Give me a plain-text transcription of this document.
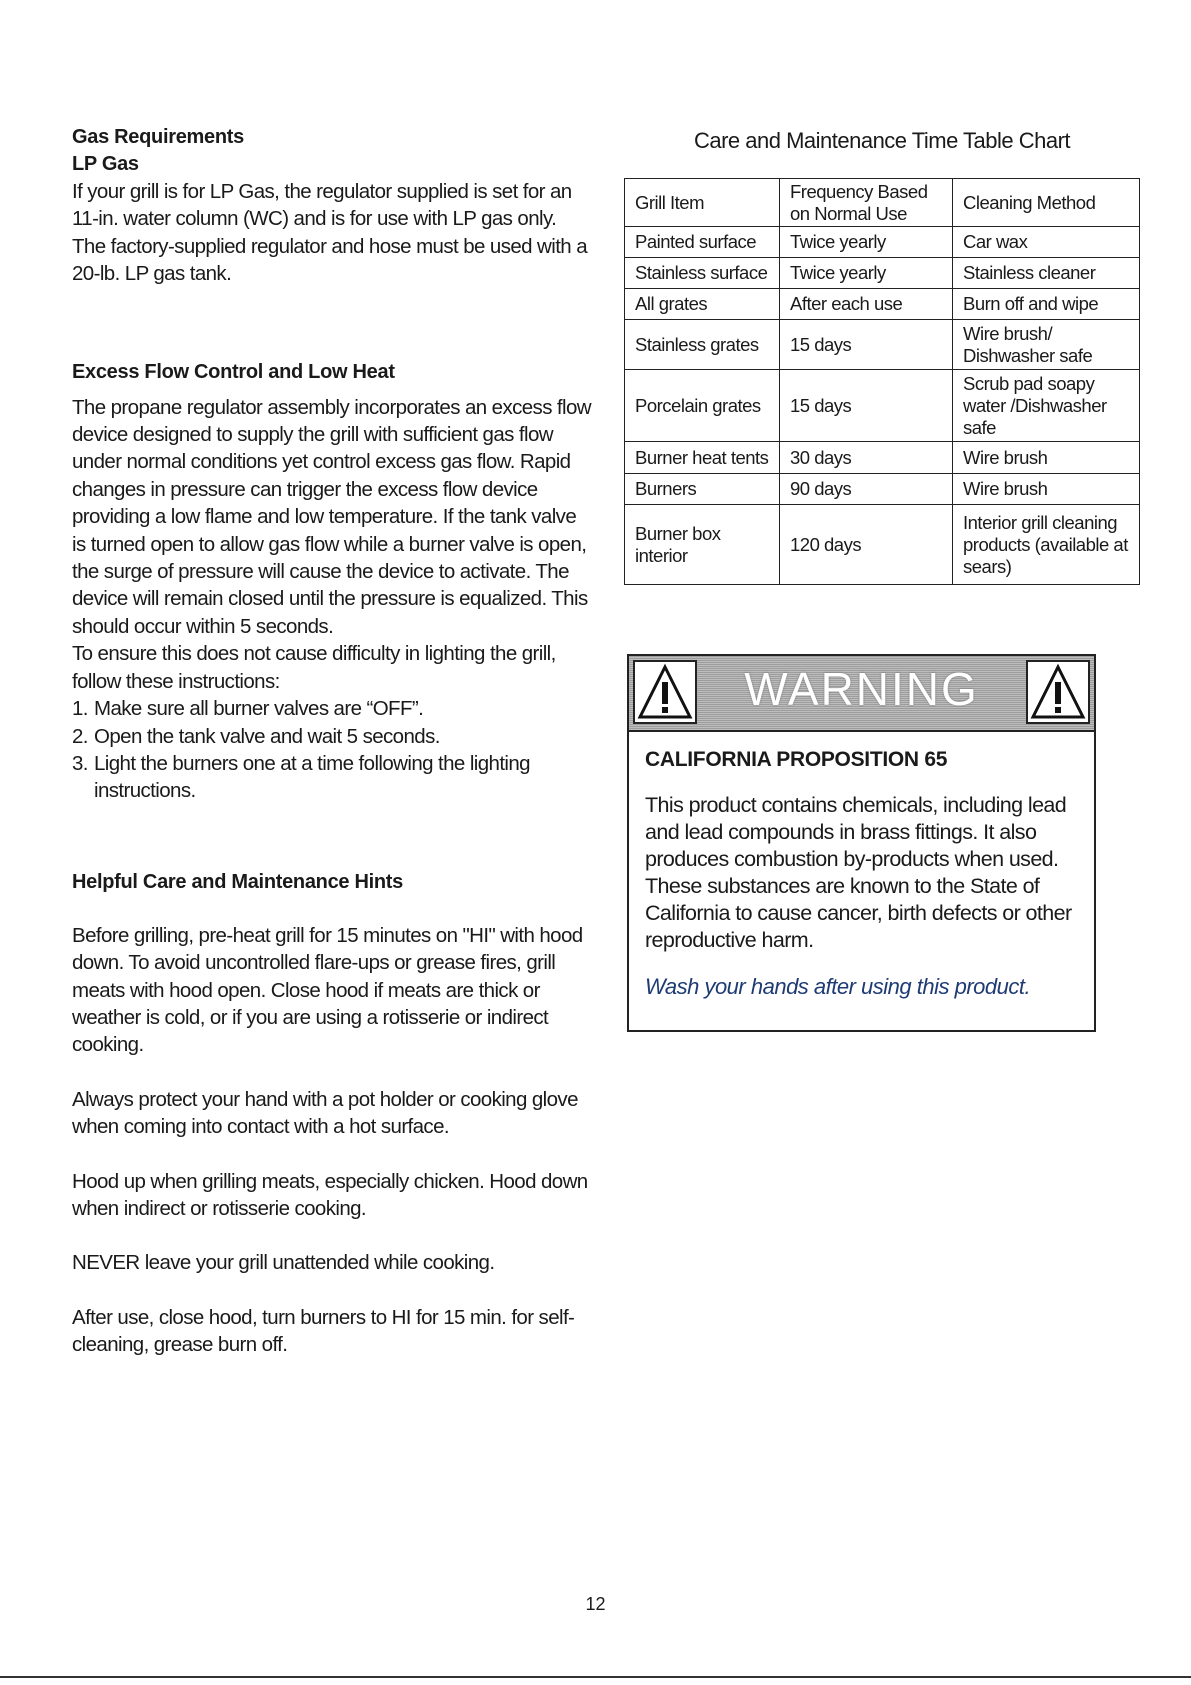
Gas Requirements
LP Gas

If your grill is for LP Gas, the regulator supplied is set for an 11-in. water column (WC) and is for use with LP gas only. The factory-supplied regulator and hose must be used with a 20-lb. LP gas tank.

Excess Flow Control and Low Heat

The propane regulator assembly incorporates an excess flow device designed to supply the grill with sufficient gas flow under normal conditions yet control excess gas flow. Rapid changes in pressure can trigger the excess flow device providing a low flame and low temperature. If the tank valve is turned open to allow gas flow while a burner valve is open, the surge of pressure will cause the device to activate. The device will remain closed until the pressure is equalized. This should occur within 5 seconds.

To ensure this does not cause difficulty in lighting the grill, follow these instructions:

1. Make sure all burner valves are “OFF”.
2. Open the tank valve and wait 5 seconds.
3. Light the burners one at a time following the lighting instructions.
Helpful Care and Maintenance Hints

Before grilling, pre-heat grill for 15 minutes on "HI" with hood down. To avoid uncontrolled flare-ups or grease fires, grill meats with hood open. Close hood if meats are thick or weather is cold, or if you are using a rotisserie or indirect cooking.

Always protect your hand with a pot holder or cooking glove when coming into contact with a hot surface.

Hood up when grilling meats, especially chicken. Hood down when indirect or rotisserie cooking.

NEVER leave your grill unattended while cooking.

After use, close hood, turn burners to HI for 15 min. for self-cleaning, grease burn off.

Care and Maintenance Time Table Chart

Grill Item	Frequency Based on Normal Use	Cleaning Method
Painted surface	Twice yearly	Car wax
Stainless surface	Twice yearly	Stainless cleaner
All grates	After each use	Burn off and wipe
Stainless grates	15 days	Wire brush/ Dishwasher safe
Porcelain grates	15 days	Scrub pad soapy water /Dishwasher safe
Burner heat tents	30 days	Wire brush
Burners	90 days	Wire brush
Burner box interior	120 days	Interior grill cleaning products (available at sears)
WARNING

CALIFORNIA PROPOSITION 65

This product contains chemicals, including lead and lead compounds in brass fittings. It also produces combustion by-products when used. These substances are known to the State of California to cause cancer, birth defects or other reproductive harm.

Wash your hands after using this product.

12
